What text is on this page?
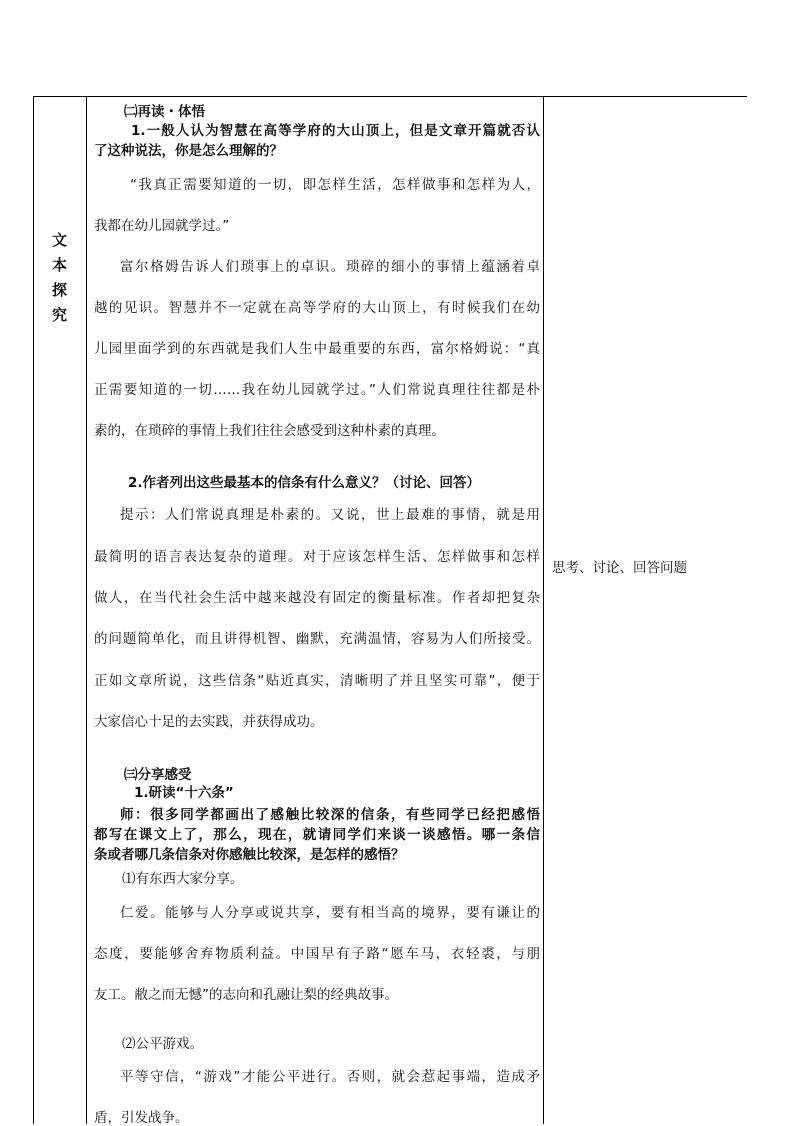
文
本
探
究
㈡再读・体悟
1.一般人认为智慧在高等学府的大山顶上，但是文章开篇就否认
了这种说法，你是怎么理解的？
“我真正需要知道的一切，即怎样生活，怎样做事和怎样为人，
我都在幼儿园就学过。”
富尔格姆告诉人们琐事上的卓识。琐碎的细小的事情上蕴涵着卓
越的见识。智慧并不一定就在高等学府的大山顶上，有时候我们在幼
儿园里面学到的东西就是我们人生中最重要的东西，富尔格姆说：“真
正需要知道的一切……我在幼儿园就学过。”人们常说真理往往都是朴
素的，在琐碎的事情上我们往往会感受到这种朴素的真理。
2.作者列出这些最基本的信条有什么意义？（讨论、回答）
提示：人们常说真理是朴素的。又说，世上最难的事情，就是用
最简明的语言表达复杂的道理。对于应该怎样生活、怎样做事和怎样
做人，在当代社会生活中越来越没有固定的衡量标准。作者却把复杂
的问题简单化，而且讲得机智、幽默，充满温情，容易为人们所接受。
正如文章所说，这些信条“贴近真实，清晰明了并且坚实可靠”，便于
大家信心十足的去实践，并获得成功。
㈢分享感受
1.研读“十六条”
师：很多同学都画出了感触比较深的信条，有些同学已经把感悟
都写在课文上了，那么，现在，就请同学们来谈一谈感悟。哪一条信
条或者哪几条信条对你感触比较深，是怎样的感悟？
⑴有东西大家分享。
仁爱。能够与人分享或说共享，要有相当高的境界，要有谦让的
态度，要能够舍弃物质利益。中国早有子路“愿车马，衣轻裘，与朋
友工。敝之而无憾”的志向和孔融让梨的经典故事。
⑵公平游戏。
平等守信，“游戏”才能公平进行。否则，就会惹起事端，造成矛
盾，引发战争。
思考、讨论、回答问题
